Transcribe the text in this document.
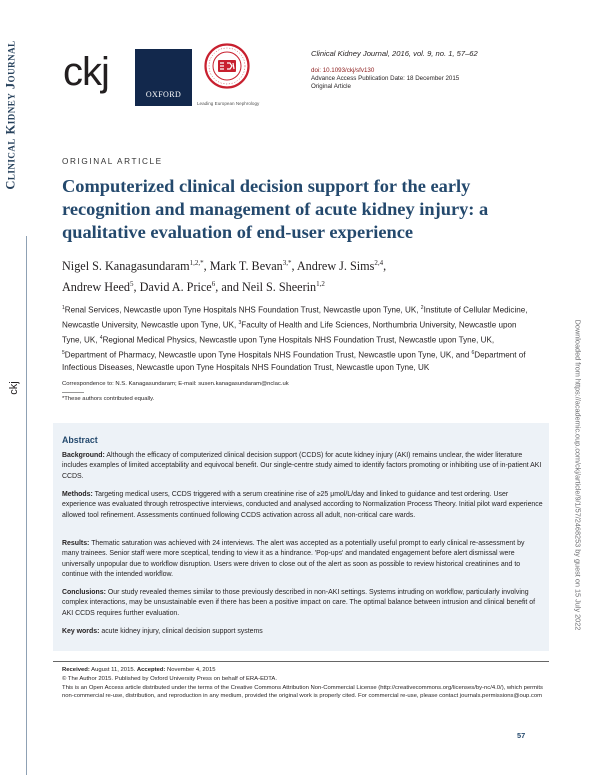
Clinical Kidney Journal
ckj	Downloaded from https://academic.oup.com/ckj/article/9/1/57/2468253 by guest on 15 July 2022
ckj
OXFORD
Leading European Nephrology
Clinical Kidney Journal, 2016, vol. 9, no. 1, 57–62
doi: 10.1093/ckj/sfv130
Advance Access Publication Date: 18 December 2015
Original Article
ORIGINAL ARTICLE
Computerized clinical decision support for the early recognition and management of acute kidney injury: a qualitative evaluation of end-user experience
Nigel S. Kanagasundaram$^{1,2,*}$, Mark T. Bevan$^{3,*}$, Andrew J. Sims$^{2,4}$,
Andrew Heed$^5$, David A. Price$^6$, and Neil S. Sheerin$^{1,2}$
$^1$Renal Services, Newcastle upon Tyne Hospitals NHS Foundation Trust, Newcastle upon Tyne, UK, $^2$Institute of Cellular Medicine, Newcastle University, Newcastle upon Tyne, UK, $^3$Faculty of Health and Life Sciences, Northumbria University, Newcastle upon Tyne, UK, $^4$Regional Medical Physics, Newcastle upon Tyne Hospitals NHS Foundation Trust, Newcastle upon Tyne, UK, $^5$Department of Pharmacy, Newcastle upon Tyne Hospitals NHS Foundation Trust, Newcastle upon Tyne, UK, and $^6$Department of Infectious Diseases, Newcastle upon Tyne Hospitals NHS Foundation Trust, Newcastle upon Tyne, UK
Correspondence to: N.S. Kanagasundaram; E-mail: susen.kanagasundaram@nclac.uk
*These authors contributed equally.
Abstract
Background: Although the efficacy of computerized clinical decision support (CCDS) for acute kidney injury (AKI) remains unclear, the wider literature includes examples of limited acceptability and equivocal benefit. Our single-centre study aimed to identify factors promoting or inhibiting use of in-patient AKI CCDS.
Methods: Targeting medical users, CCDS triggered with a serum creatinine rise of ≥25 μmol/L/day and linked to guidance and test ordering. User experience was evaluated through retrospective interviews, conducted and analysed according to Normalization Process Theory. Initial pilot ward experience allowed tool refinement. Assessments continued following CCDS activation across all adult, non-critical care wards.
Results: Thematic saturation was achieved with 24 interviews. The alert was accepted as a potentially useful prompt to early clinical re-assessment by many trainees. Senior staff were more sceptical, tending to view it as a hindrance. 'Pop-ups' and mandated engagement before alert dismissal were universally unpopular due to workflow disruption. Users were driven to close out of the alert as soon as possible to review historical creatinines and to continue with the intended workflow.
Conclusions: Our study revealed themes similar to those previously described in non-AKI settings. Systems intruding on workflow, particularly involving complex interactions, may be unsustainable even if there has been a positive impact on care. The optimal balance between intrusion and clinical benefit of AKI CCDS requires further evaluation.
Key words: acute kidney injury, clinical decision support systems
Received: August 11, 2015. Accepted: November 4, 2015
© The Author 2015. Published by Oxford University Press on behalf of ERA-EDTA.
This is an Open Access article distributed under the terms of the Creative Commons Attribution Non-Commercial License (http://creativecommons.org/licenses/by-nc/4.0/), which permits non-commercial re-use, distribution, and reproduction in any medium, provided the original work is properly cited. For commercial re-use, please contact journals.permissions@oup.com
57
